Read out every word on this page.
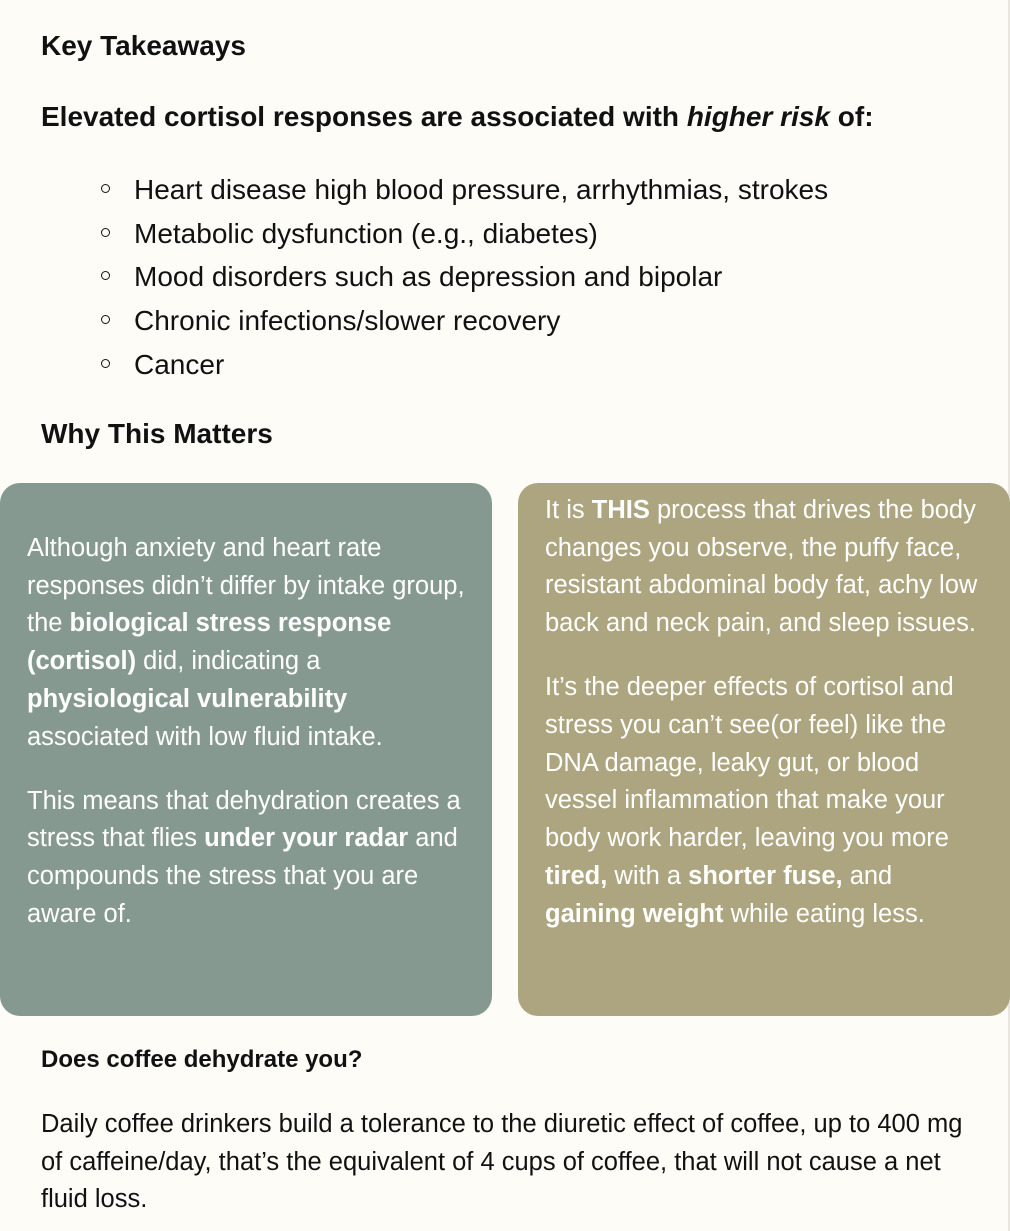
Key Takeaways
Elevated cortisol responses are associated with higher risk of:
Heart disease high blood pressure, arrhythmias, strokes
Metabolic dysfunction (e.g., diabetes)
Mood disorders such as depression and bipolar
Chronic infections/slower recovery
Cancer
Why This Matters

Although anxiety and heart rate responses didn’t differ by intake group, the biological stress response (cortisol) did, indicating a physiological vulnerability associated with low fluid intake.

This means that dehydration creates a stress that flies under your radar and compounds the stress that you are aware of.

It is THIS process that drives the body changes you observe, the puffy face, resistant abdominal body fat, achy low back and neck pain, and sleep issues.

It’s the deeper effects of cortisol and stress you can’t see(or feel) like the DNA damage, leaky gut, or blood vessel inflammation that make your body work harder, leaving you more tired, with a shorter fuse, and gaining weight while eating less.

Does coffee dehydrate you?

Daily coffee drinkers build a tolerance to the diuretic effect of coffee, up to 400 mg of caffeine/day, that’s the equivalent of 4 cups of coffee, that will not cause a net fluid loss.
